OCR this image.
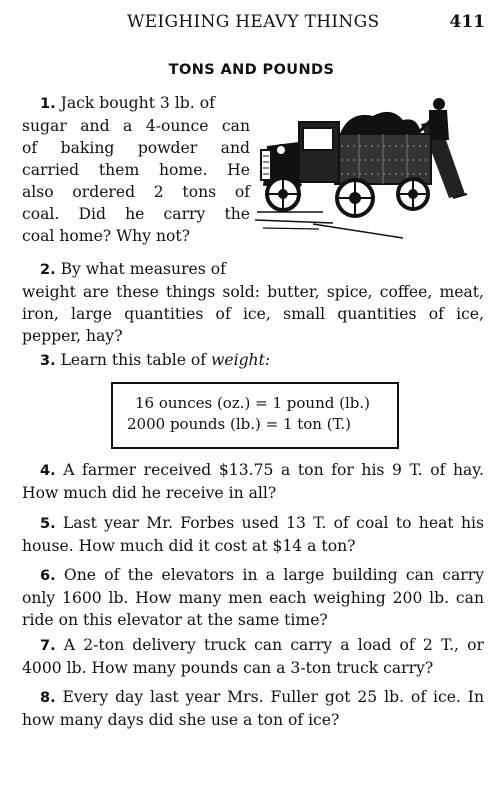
WEIGHING HEAVY THINGS	411
TONS AND POUNDS
1. Jack bought 3 lb. of
sugar and a 4-ounce can
of baking powder and
carried them home. He
also ordered 2 tons of
coal. Did he carry the
coal home? Why not?
2. By what measures of
weight are these things sold: butter, spice, coffee, meat, iron, large quantities of ice, small quantities of ice, pepper, hay?
3. Learn this table of weight:
16 ounces (oz.) = 1 pound (lb.)
2000 pounds (lb.) = 1 ton (T.)
4. A farmer received $13.75 a ton for his 9 T. of hay. How much did he receive in all?
5. Last year Mr. Forbes used 13 T. of coal to heat his house. How much did it cost at $14 a ton?
6. One of the elevators in a large building can carry only 1600 lb. How many men each weighing 200 lb. can ride on this elevator at the same time?
7. A 2-ton delivery truck can carry a load of 2 T., or 4000 lb. How many pounds can a 3-ton truck carry?
8. Every day last year Mrs. Fuller got 25 lb. of ice. In how many days did she use a ton of ice?
